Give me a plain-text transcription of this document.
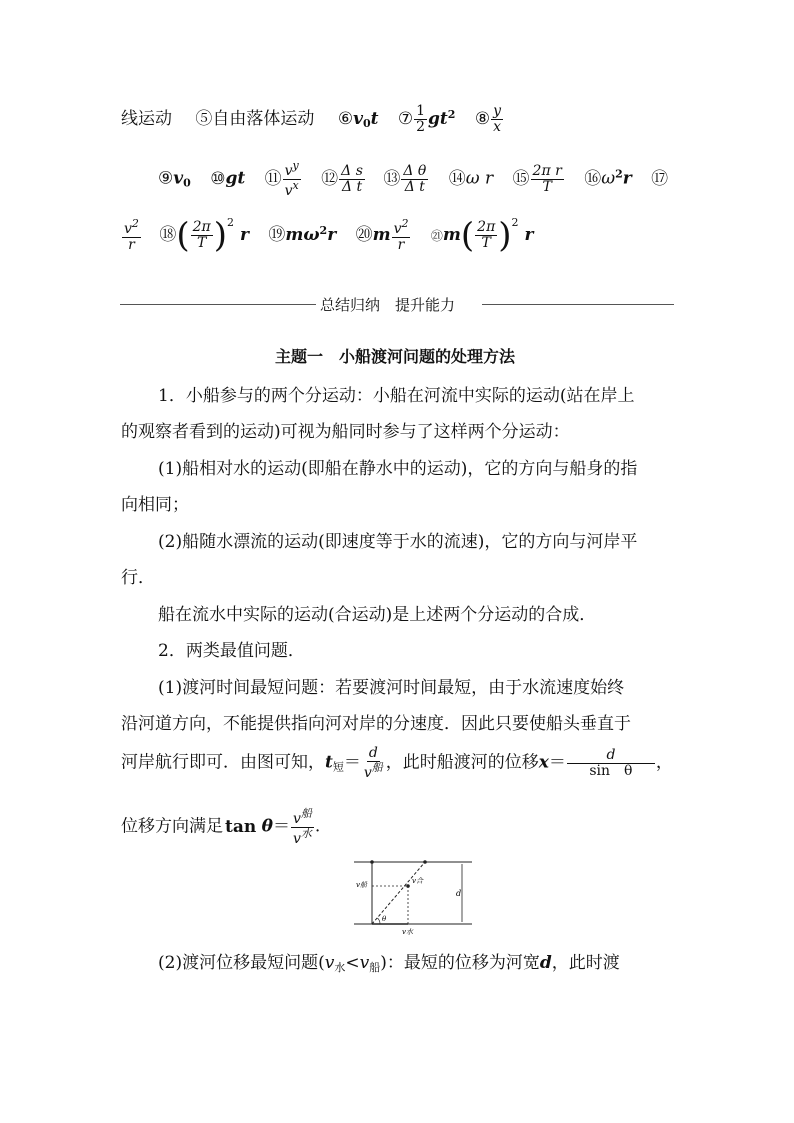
线运动 ⑤自由落体运动 $⑥v_0t$ ⑦ $\frac{1}{2} gt^2$ ⑧ $\frac{y}{x}$
$⑨v_0$ ⑩gt ⑪ $\frac{v^y}{v^x}$ ⑫ $\frac{\text{Δ s}}{\text{Δ t}}$ ⑬ $\frac{\text{Δ θ}}{\text{Δ t}}$ ⑭ω r ⑮ $\frac{\text{2π r}}{T}$ $⑯\omega^2r$ ⑰
$\frac{v^2}{r}$ ⑱( $\frac{2\pi}{T} )^2r$ $⑲m\omega^2r$ ⑳m $\frac{v^2}{r}$ ㉑m( $\frac{2\pi}{T} )^2r$
总结归纳　提升能力
主题一　小船渡河问题的处理方法
1．小船参与的两个分运动：小船在河流中实际的运动(站在岸上
的观察者看到的运动)可视为船同时参与了这样两个分运动：
(1)船相对水的运动(即船在静水中的运动)，它的方向与船身的指
向相同；
(2)船随水漂流的运动(即速度等于水的流速)，它的方向与河岸平
行．
船在流水中实际的运动(合运动)是上述两个分运动的合成．
2．两类最值问题．
(1)渡河时间最短问题：若要渡河时间最短，由于水流速度始终
沿河道方向，不能提供指向河对岸的分速度．因此只要使船头垂直于
河岸航行即可．由图可知，$t_短= \frac{d}{v^船}$ ，此时船渡河的位移$x= \frac{d}{\text{sin　θ}}$ ，
位移方向满足 $\tan \theta= \frac{v^船}{v^水}$ .
v船	v合
d
θ
v水
(2)渡河位移最短问题$(v_水<v_船)$：最短的位移为河宽d，此时渡
